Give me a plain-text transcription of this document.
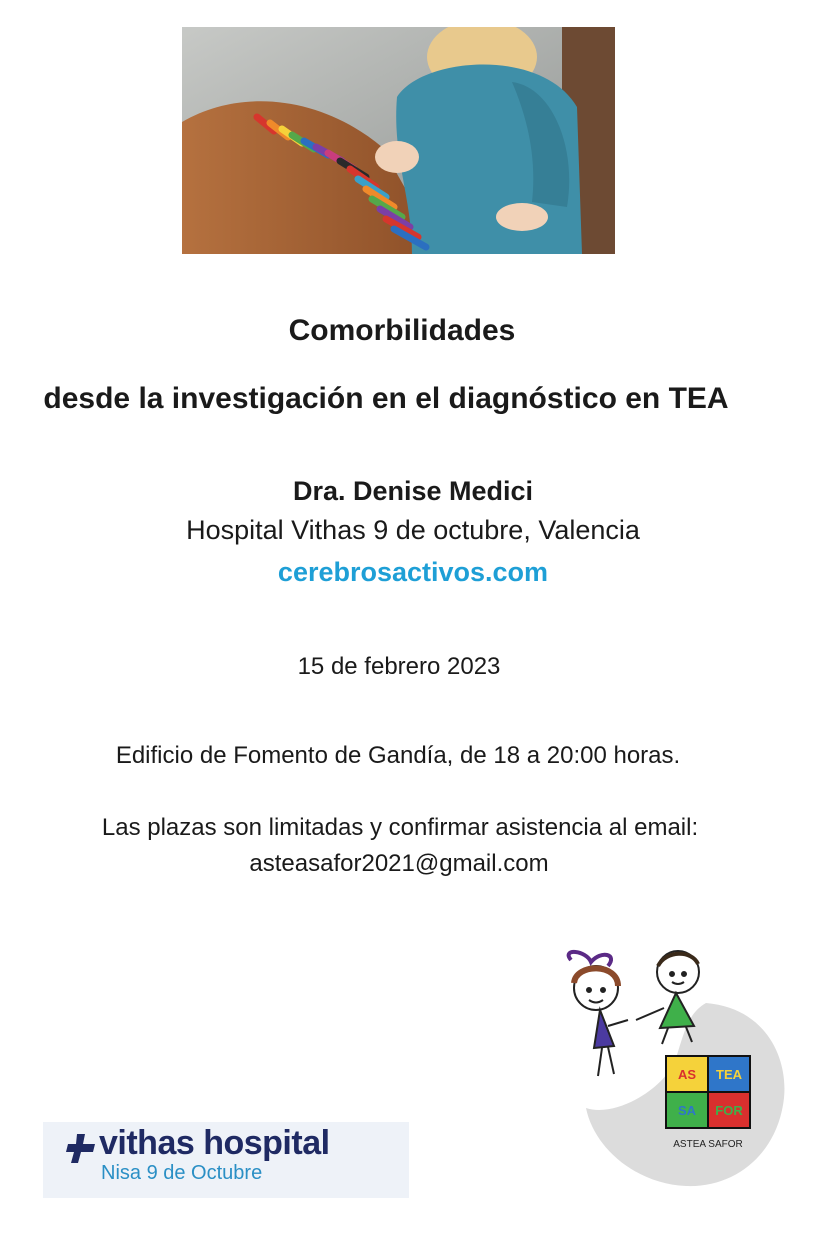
Comorbilidades
desde la investigación en el diagnóstico en TEA
Dra. Denise Medici
Hospital Vithas 9 de octubre, Valencia
cerebrosactivos.com
15 de febrero 2023
Edificio de Fomento de Gandía, de 18 a 20:00 horas.
Las plazas son limitadas y confirmar asistencia al email:
asteasafor2021@gmail.com
vithas hospital
Nisa 9 de Octubre
AS TEA
SA FOR
ASTEA SAFOR
